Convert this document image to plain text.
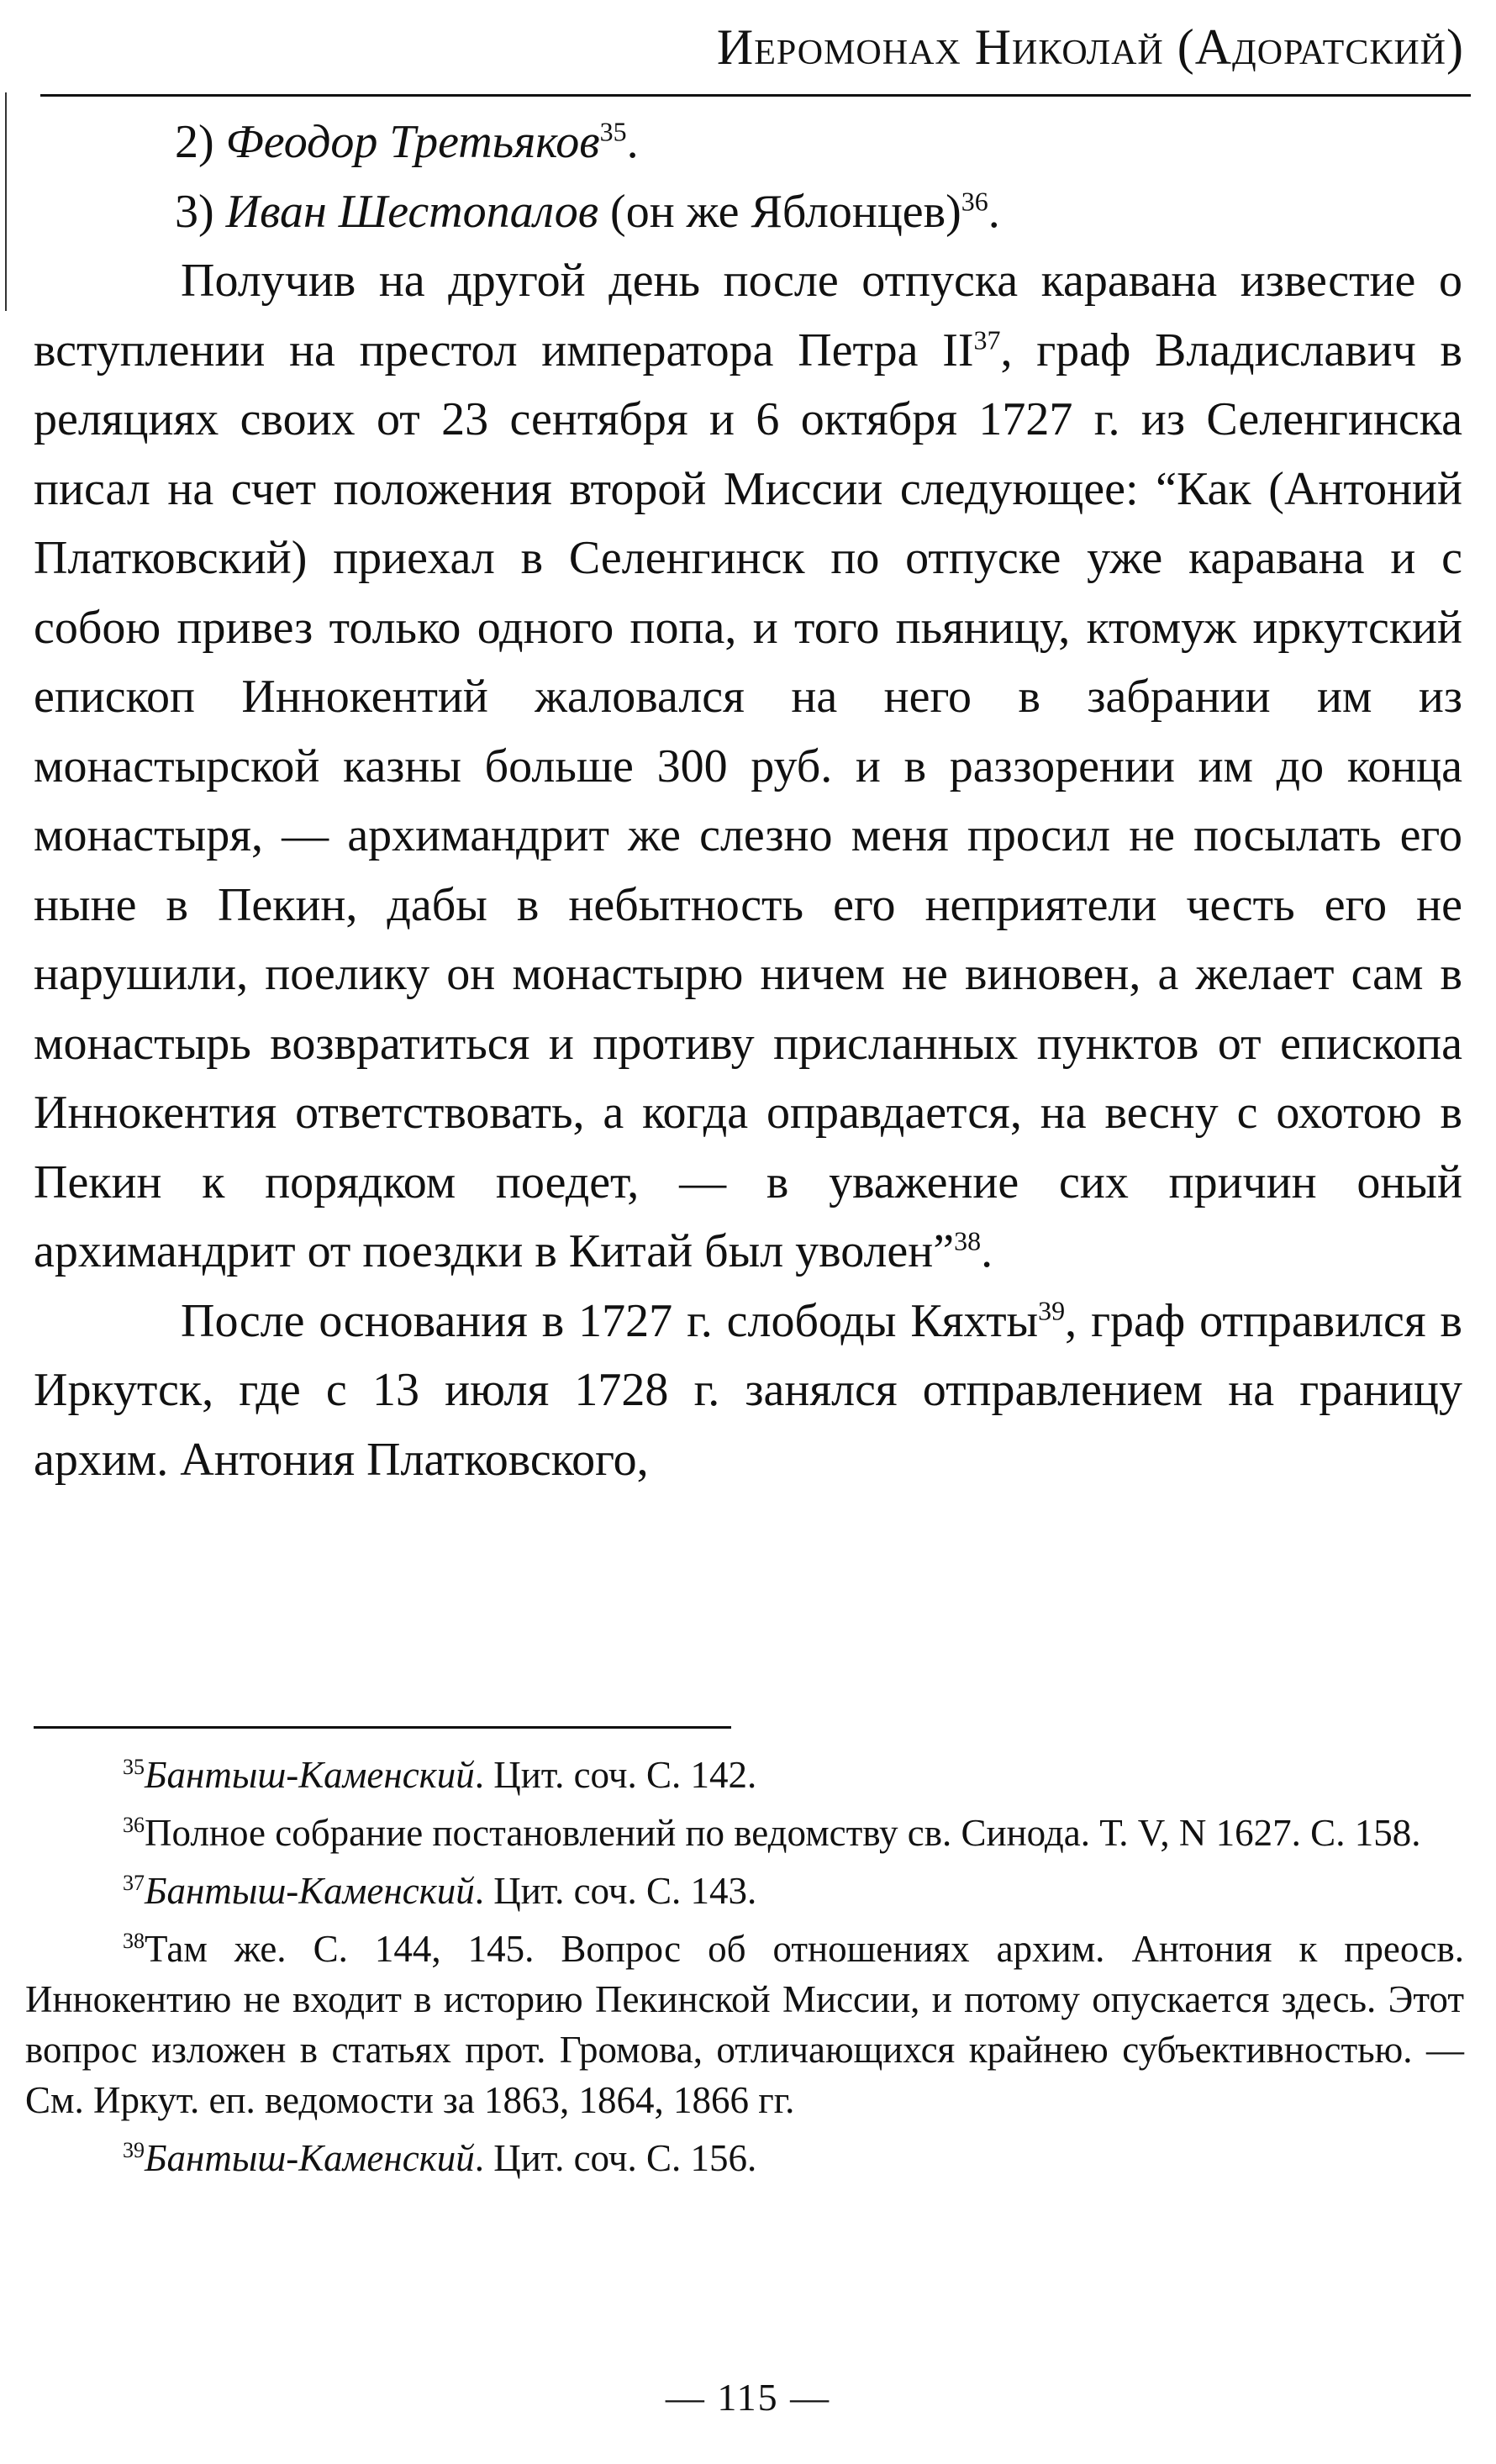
Иеромонах Николай (Адоратский)

2) Феодор Третьяков$^{35}$.

3) Иван Шестопалов (он же Яблонцев)$^{36}$.

Получив на другой день после отпуска каравана известие о вступлении на престол императора Петра II$^{37}$, граф Владиславич в реляциях своих от 23 сентября и 6 октября 1727 г. из Селенгинска писал на счет положения второй Миссии следующее: “Как (Антоний Платковский) приехал в Селенгинск по отпуске уже каравана и с собою привез только одного попа, и того пьяницу, ктомуж иркутский епископ Иннокентий жаловался на него в забрании им из монастырской казны больше 300 руб. и в раззорении им до конца монастыря, — архимандрит же слезно меня просил не посылать его ныне в Пекин, дабы в небытность его неприятели честь его не нарушили, поелику он монастырю ничем не виновен, а желает сам в монастырь возвратиться и противу присланных пунктов от епископа Иннокентия ответствовать, а когда оправдается, на весну с охотою в Пекин к порядком поедет, — в уважение сих причин оный архимандрит от поездки в Китай был уволен”$^{38}$.

После основания в 1727 г. слободы Кяхты$^{39}$, граф отправился в Иркутск, где с 13 июля 1728 г. занялся отправлением на границу архим. Антония Платковского,

$^{35}$Бантыш-Каменский. Цит. соч. С. 142.

$^{36}$Полное собрание постановлений по ведомству св. Синода. Т. V, N 1627. С. 158.

$^{37}$Бантыш-Каменский. Цит. соч. С. 143.

$^{38}$Там же. С. 144, 145. Вопрос об отношениях архим. Антония к преосв. Иннокентию не входит в историю Пекинской Миссии, и потому опускается здесь. Этот вопрос изложен в статьях прот. Громова, отличающихся крайнею субъективностью. — См. Иркут. еп. ведомости за 1863, 1864, 1866 гг.

$^{39}$Бантыш-Каменский. Цит. соч. С. 156.

— 115 —
